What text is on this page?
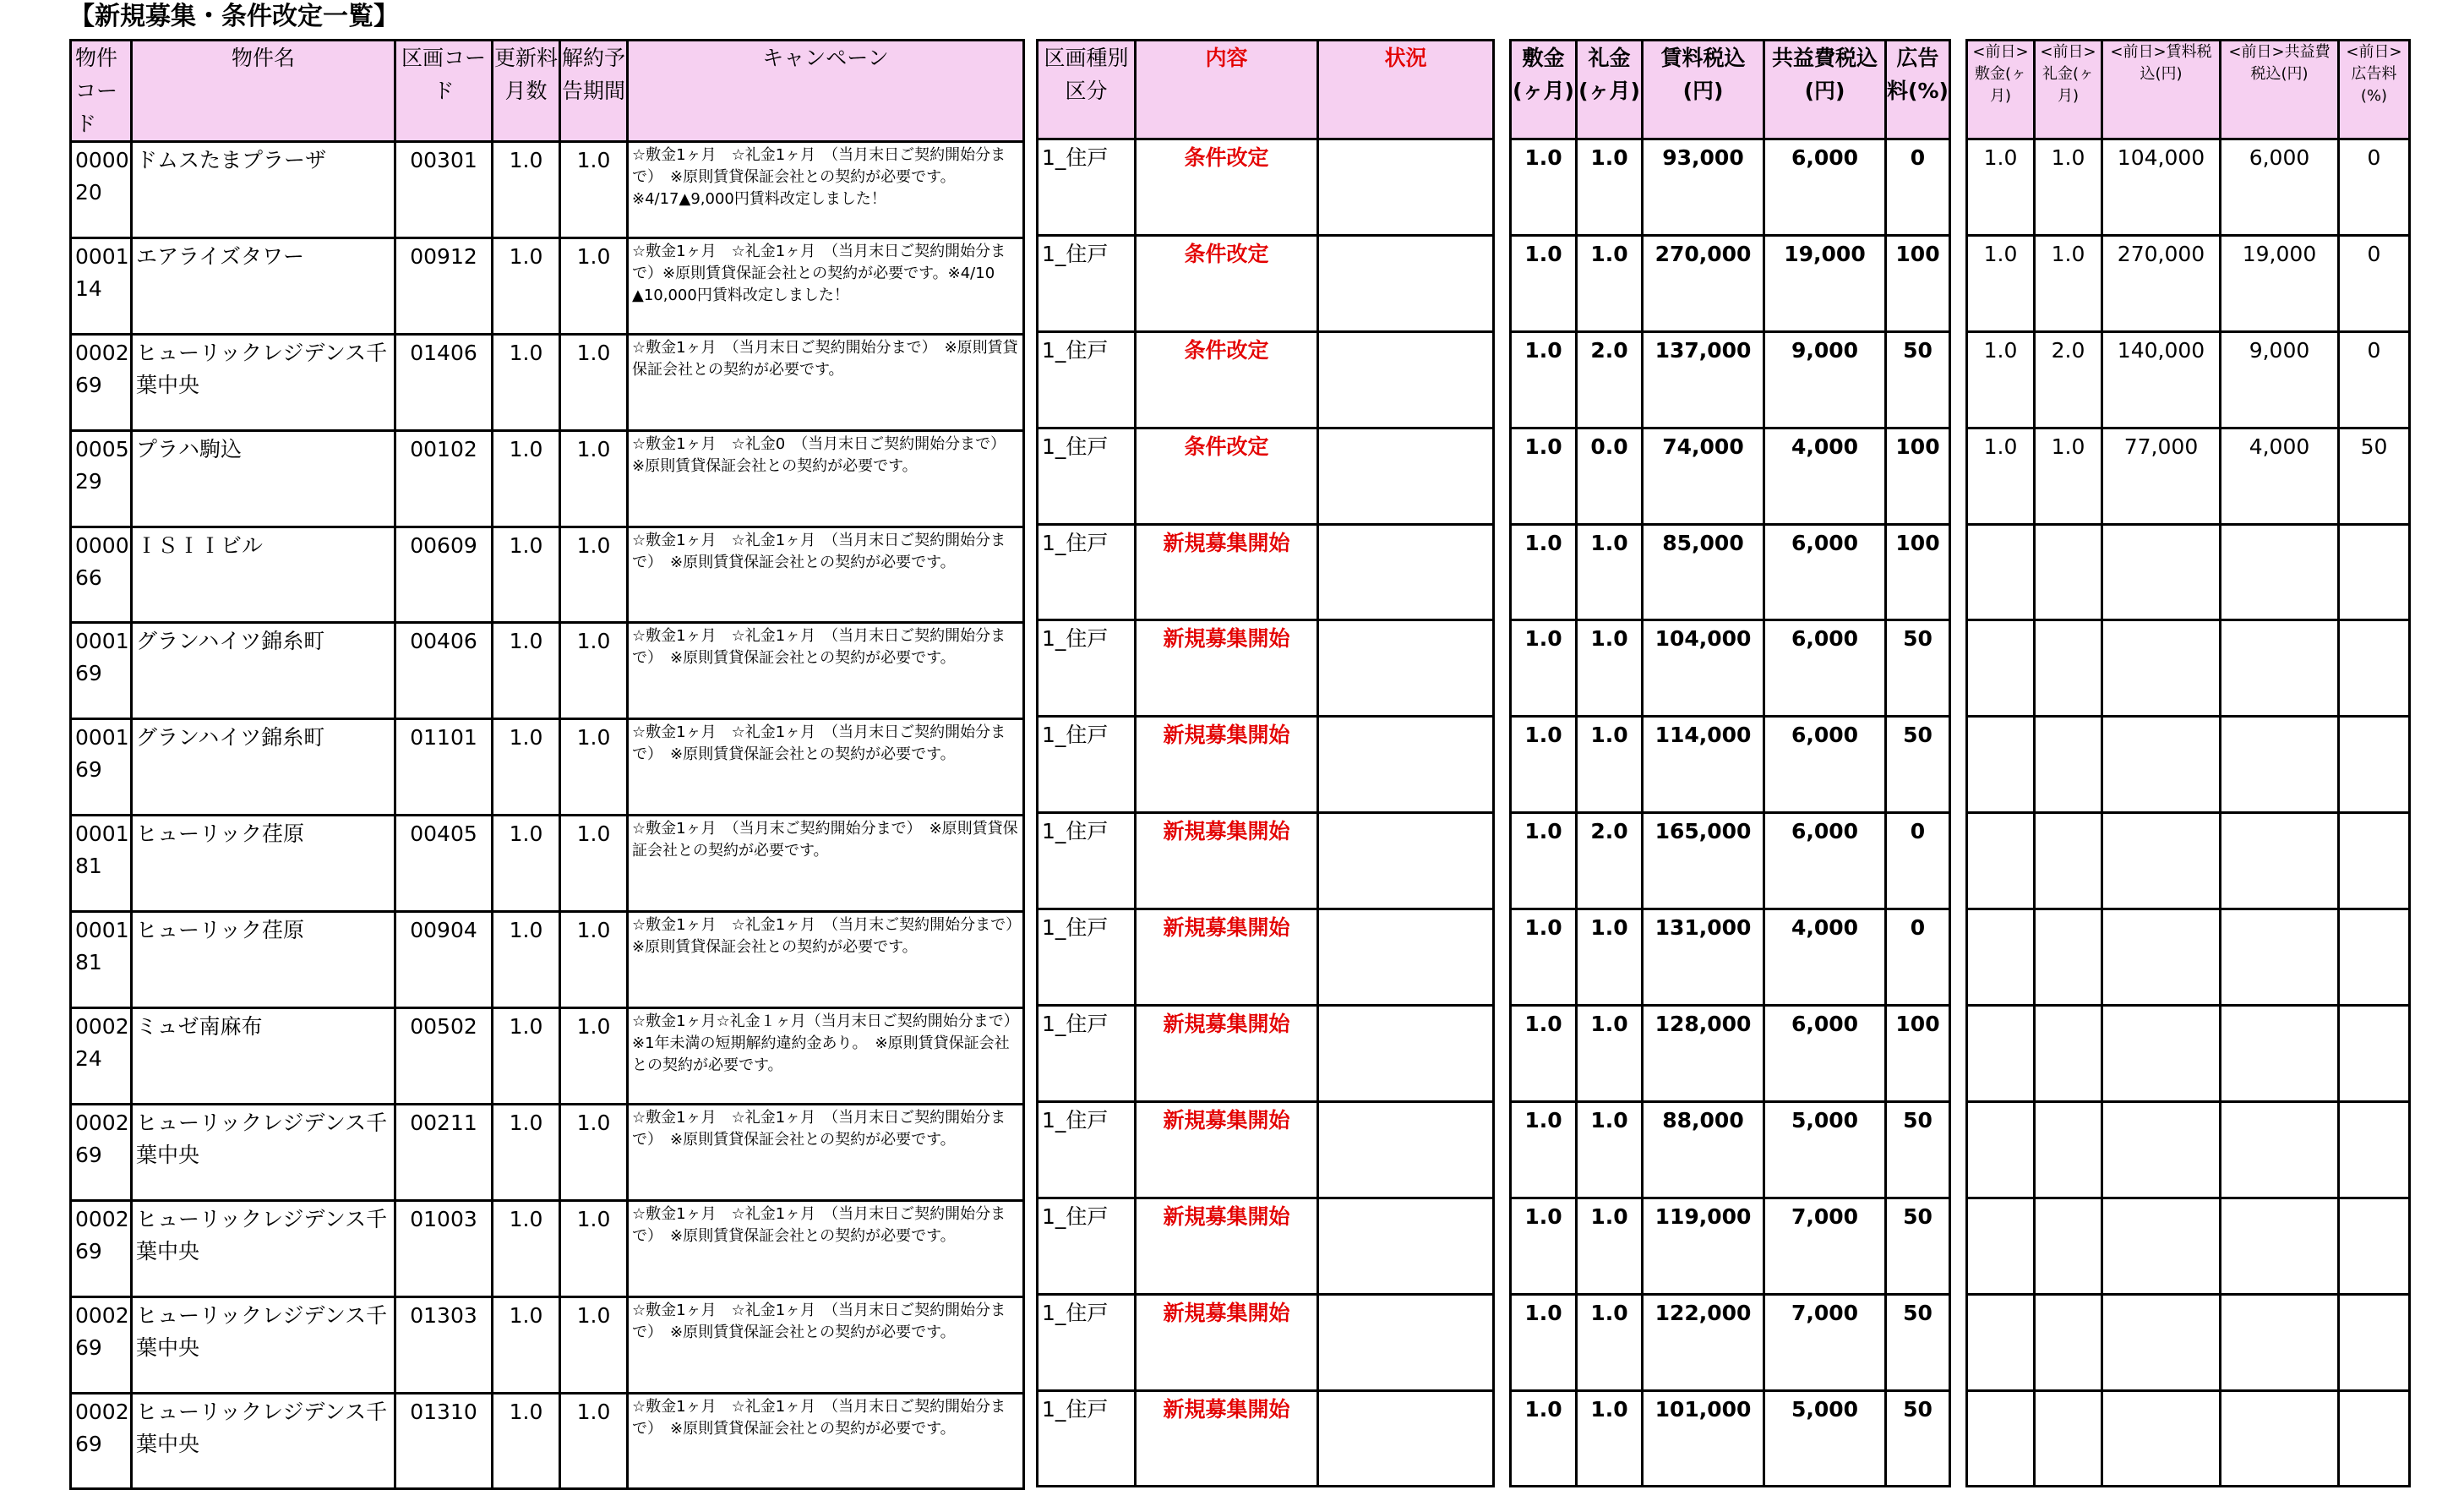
【新規募集・条件改定一覧】
物件コード	物件名	区画コード	更新料月数	解約予告期間	キャンペーン
000020	ドムスたまプラーザ	00301	1.0	1.0	☆敷金1ヶ月　☆礼金1ヶ月　（当月末日ご契約開始分まで）　※原則賃貸保証会社との契約が必要です。※4/17▲9,000円賃料改定しました！
000114	エアライズタワー	00912	1.0	1.0	☆敷金1ヶ月　☆礼金1ヶ月　（当月末日ご契約開始分まで）※原則賃貸保証会社との契約が必要です。※4/10　▲10,000円賃料改定しました！
000269	ヒューリックレジデンス千葉中央	01406	1.0	1.0	☆敷金1ヶ月　（当月末日ご契約開始分まで）　※原則賃貸保証会社との契約が必要です。
000529	プラハ駒込	00102	1.0	1.0	☆敷金1ヶ月　☆礼金0　（当月末日ご契約開始分まで）　※原則賃貸保証会社との契約が必要です。
000066	ＩＳＩＩビル	00609	1.0	1.0	☆敷金1ヶ月　☆礼金1ヶ月　（当月末日ご契約開始分まで）　※原則賃貸保証会社との契約が必要です。
000169	グランハイツ錦糸町	00406	1.0	1.0	☆敷金1ヶ月　☆礼金1ヶ月　（当月末日ご契約開始分まで）　※原則賃貸保証会社との契約が必要です。
000169	グランハイツ錦糸町	01101	1.0	1.0	☆敷金1ヶ月　☆礼金1ヶ月　（当月末日ご契約開始分まで）　※原則賃貸保証会社との契約が必要です。
000181	ヒューリック荏原	00405	1.0	1.0	☆敷金1ヶ月　（当月末ご契約開始分まで）　※原則賃貸保証会社との契約が必要です。
000181	ヒューリック荏原	00904	1.0	1.0	☆敷金1ヶ月　☆礼金1ヶ月　（当月末ご契約開始分まで）　※原則賃貸保証会社との契約が必要です。
000224	ミュゼ南麻布	00502	1.0	1.0	☆敷金1ヶ月☆礼金１ヶ月（当月末日ご契約開始分まで）　※1年未満の短期解約違約金あり。　※原則賃貸保証会社との契約が必要です。
000269	ヒューリックレジデンス千葉中央	00211	1.0	1.0	☆敷金1ヶ月　☆礼金1ヶ月　（当月末日ご契約開始分まで）　※原則賃貸保証会社との契約が必要です。
000269	ヒューリックレジデンス千葉中央	01003	1.0	1.0	☆敷金1ヶ月　☆礼金1ヶ月　（当月末日ご契約開始分まで）　※原則賃貸保証会社との契約が必要です。
000269	ヒューリックレジデンス千葉中央	01303	1.0	1.0	☆敷金1ヶ月　☆礼金1ヶ月　（当月末日ご契約開始分まで）　※原則賃貸保証会社との契約が必要です。
000269	ヒューリックレジデンス千葉中央	01310	1.0	1.0	☆敷金1ヶ月　☆礼金1ヶ月　（当月末日ご契約開始分まで）　※原則賃貸保証会社との契約が必要です。
区画種別区分	内容	状況
1_住戸	条件改定	
1_住戸	条件改定	
1_住戸	条件改定	
1_住戸	条件改定	
1_住戸	新規募集開始	
1_住戸	新規募集開始	
1_住戸	新規募集開始	
1_住戸	新規募集開始	
1_住戸	新規募集開始	
1_住戸	新規募集開始	
1_住戸	新規募集開始	
1_住戸	新規募集開始	
1_住戸	新規募集開始	
1_住戸	新規募集開始	
敷金(ヶ月)	礼金(ヶ月)	賃料税込(円)	共益費税込(円)	広告料(%)
1.0	1.0	93,000	6,000	0
1.0	1.0	270,000	19,000	100
1.0	2.0	137,000	9,000	50
1.0	0.0	74,000	4,000	100
1.0	1.0	85,000	6,000	100
1.0	1.0	104,000	6,000	50
1.0	1.0	114,000	6,000	50
1.0	2.0	165,000	6,000	0
1.0	1.0	131,000	4,000	0
1.0	1.0	128,000	6,000	100
1.0	1.0	88,000	5,000	50
1.0	1.0	119,000	7,000	50
1.0	1.0	122,000	7,000	50
1.0	1.0	101,000	5,000	50
<前日>敷金(ヶ月)	<前日>礼金(ヶ月)	<前日>賃料税込(円)	<前日>共益費税込(円)	<前日>広告料(%)
1.0	1.0	104,000	6,000	0
1.0	1.0	270,000	19,000	0
1.0	2.0	140,000	9,000	0
1.0	1.0	77,000	4,000	50
